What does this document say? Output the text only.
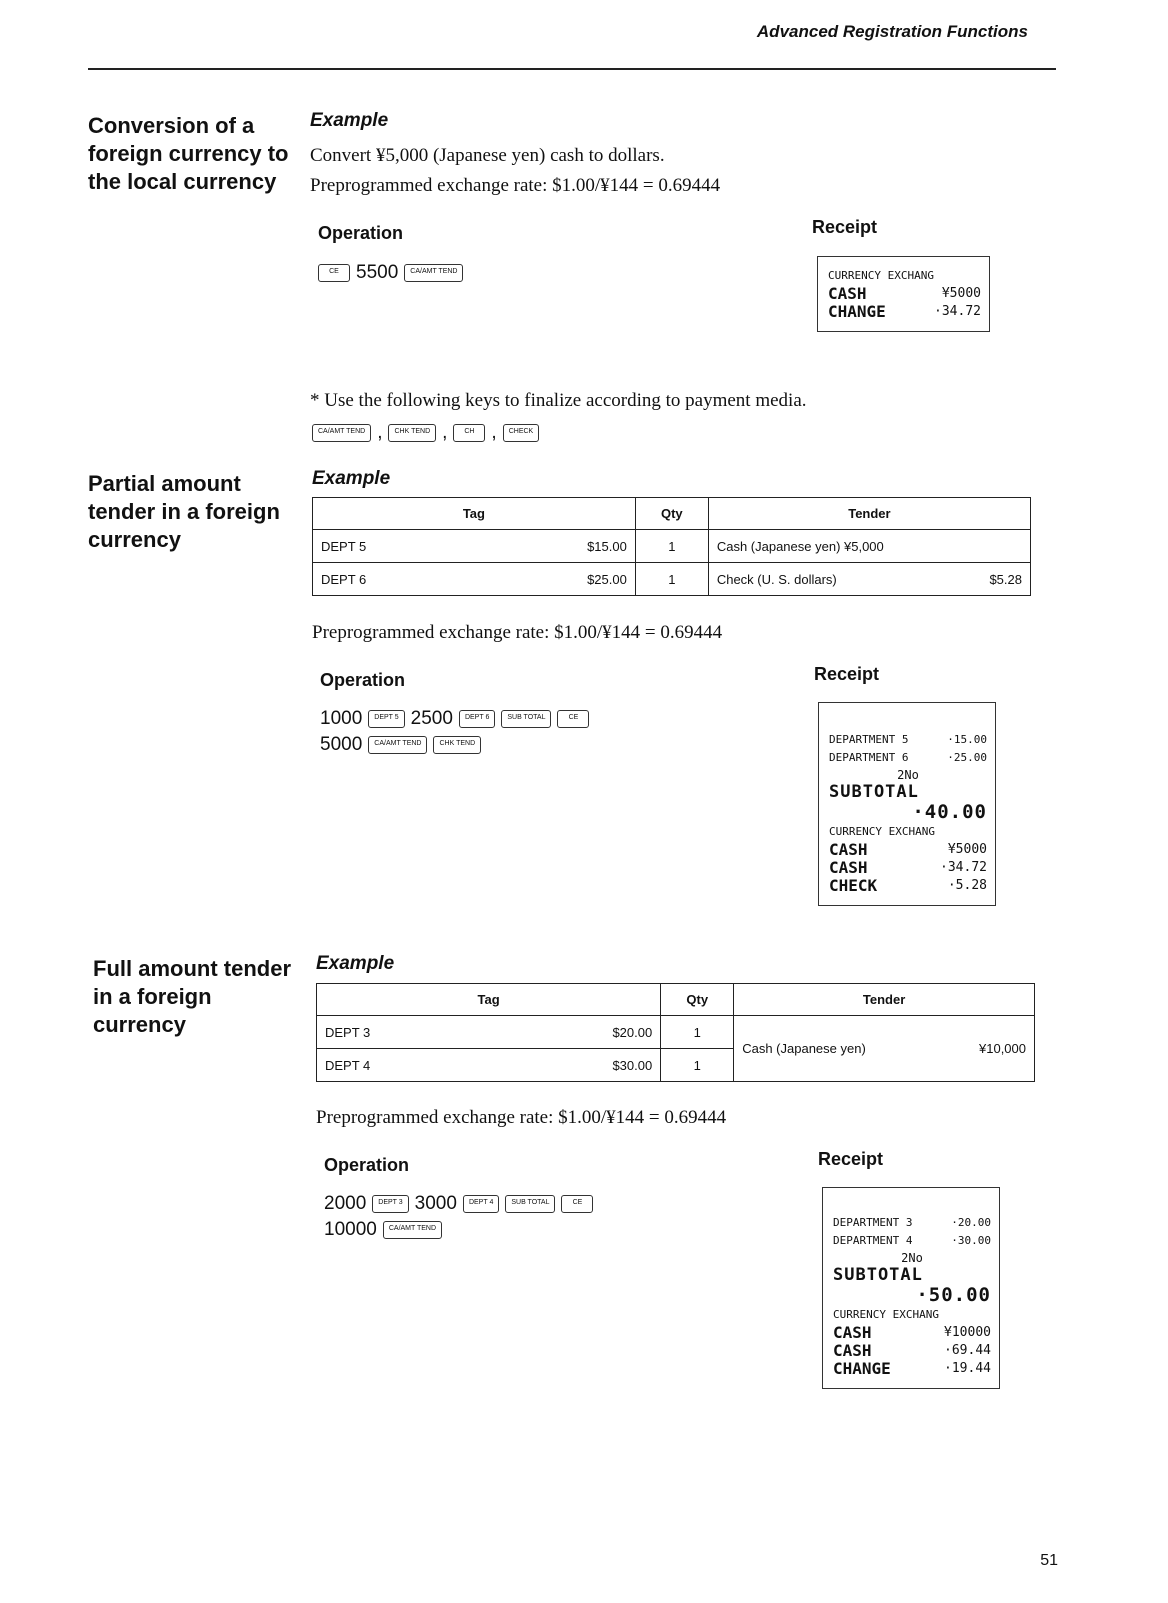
Advanced Registration Functions
Conversion of a foreign currency to the local currency
Example
Convert ¥5,000 (Japanese yen) cash to dollars.
Preprogrammed exchange rate: $1.00/¥144 = 0.69444
Operation
CE 5500	CA/AMT TEND
Receipt
CURRENCY EXCHANG
CASH	¥5000
CHANGE	·34.72
* Use the following keys to finalize according to payment media.
CA/AMT TEND ,	CHK TEND ,	CH ,	CHECK
Partial amount tender in a foreign currency
Example
Tag		Qty	Tender	
DEPT 5	$15.00	1	Cash (Japanese yen) ¥5,000	
DEPT 6	$25.00	1	Check (U. S. dollars)	$5.28
Preprogrammed exchange rate: $1.00/¥144 = 0.69444
Operation
1000	DEPT 5 2500	DEPT 6	SUB TOTAL	CE
5000	CA/AMT TEND	CHK TEND
Receipt
DEPARTMENT 5	·15.00
DEPARTMENT 6	·25.00
2No
SUBTOTAL
·40.00
CURRENCY EXCHANG
CASH	¥5000
CASH	·34.72
CHECK	·5.28
Full amount tender in a foreign currency
Example
Tag		Qty	Tender	
DEPT 3	$20.00	1	Cash (Japanese yen)	¥10,000
DEPT 4	$30.00	1		
Preprogrammed exchange rate: $1.00/¥144 = 0.69444
Operation
2000	DEPT 3 3000	DEPT 4	SUB TOTAL	CE
10000	CA/AMT TEND
Receipt
DEPARTMENT 3	·20.00
DEPARTMENT 4	·30.00
2No
SUBTOTAL
·50.00
CURRENCY EXCHANG
CASH	¥10000
CASH	·69.44
CHANGE	·19.44
51
